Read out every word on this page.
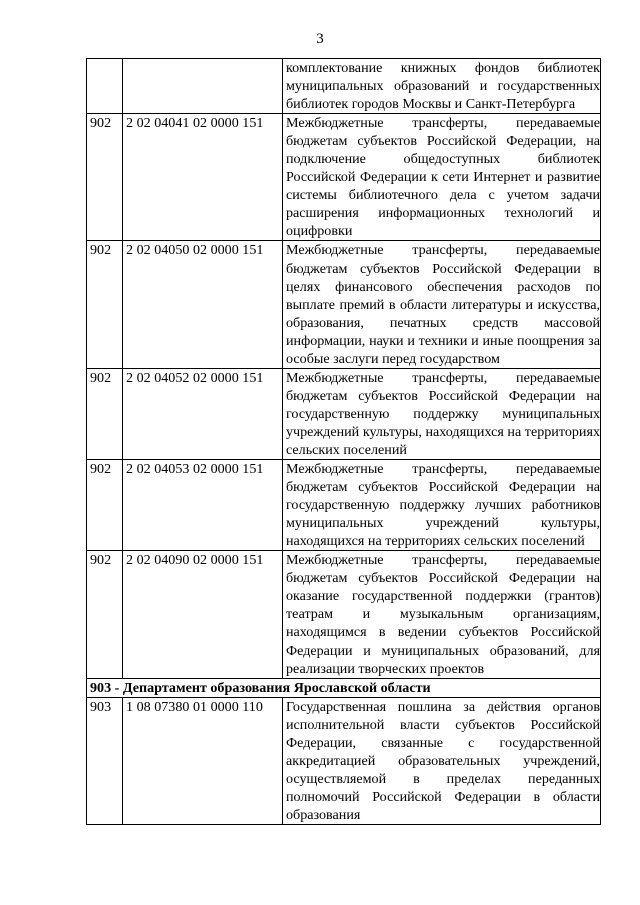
3
		комплектование книжных фондов библиотек муниципальных образований и государственных библиотек городов Москвы и Санкт-Петербурга
902	2 02 04041 02 0000 151	Межбюджетные трансферты, передаваемые бюджетам субъектов Российской Федерации, на подключение общедоступных библиотек Российской Федерации к сети Интернет и развитие системы библиотечного дела с учетом задачи расширения информационных технологий и оцифровки
902	2 02 04050 02 0000 151	Межбюджетные трансферты, передаваемые бюджетам субъектов Российской Федерации в целях финансового обеспечения расходов по выплате премий в области литературы и искусства, образования, печатных средств массовой информации, науки и техники и иные поощрения за особые заслуги перед государством
902	2 02 04052 02 0000 151	Межбюджетные трансферты, передаваемые бюджетам субъектов Российской Федерации на государственную поддержку муниципальных учреждений культуры, находящихся на территориях сельских поселений
902	2 02 04053 02 0000 151	Межбюджетные трансферты, передаваемые бюджетам субъектов Российской Федерации на государственную поддержку лучших работников муниципальных учреждений культуры, находящихся на территориях сельских поселений
902	2 02 04090 02 0000 151	Межбюджетные трансферты, передаваемые бюджетам субъектов Российской Федерации на оказание государственной поддержки (грантов) театрам и музыкальным организациям, находящимся в ведении субъектов Российской Федерации и муниципальных образований, для реализации творческих проектов
903 - Департамент образования Ярославской области		
903	1 08 07380 01 0000 110	Государственная пошлина за действия органов исполнительной власти субъектов Российской Федерации, связанные с государственной аккредитацией образовательных учреждений, осуществляемой в пределах переданных полномочий Российской Федерации в области образования
